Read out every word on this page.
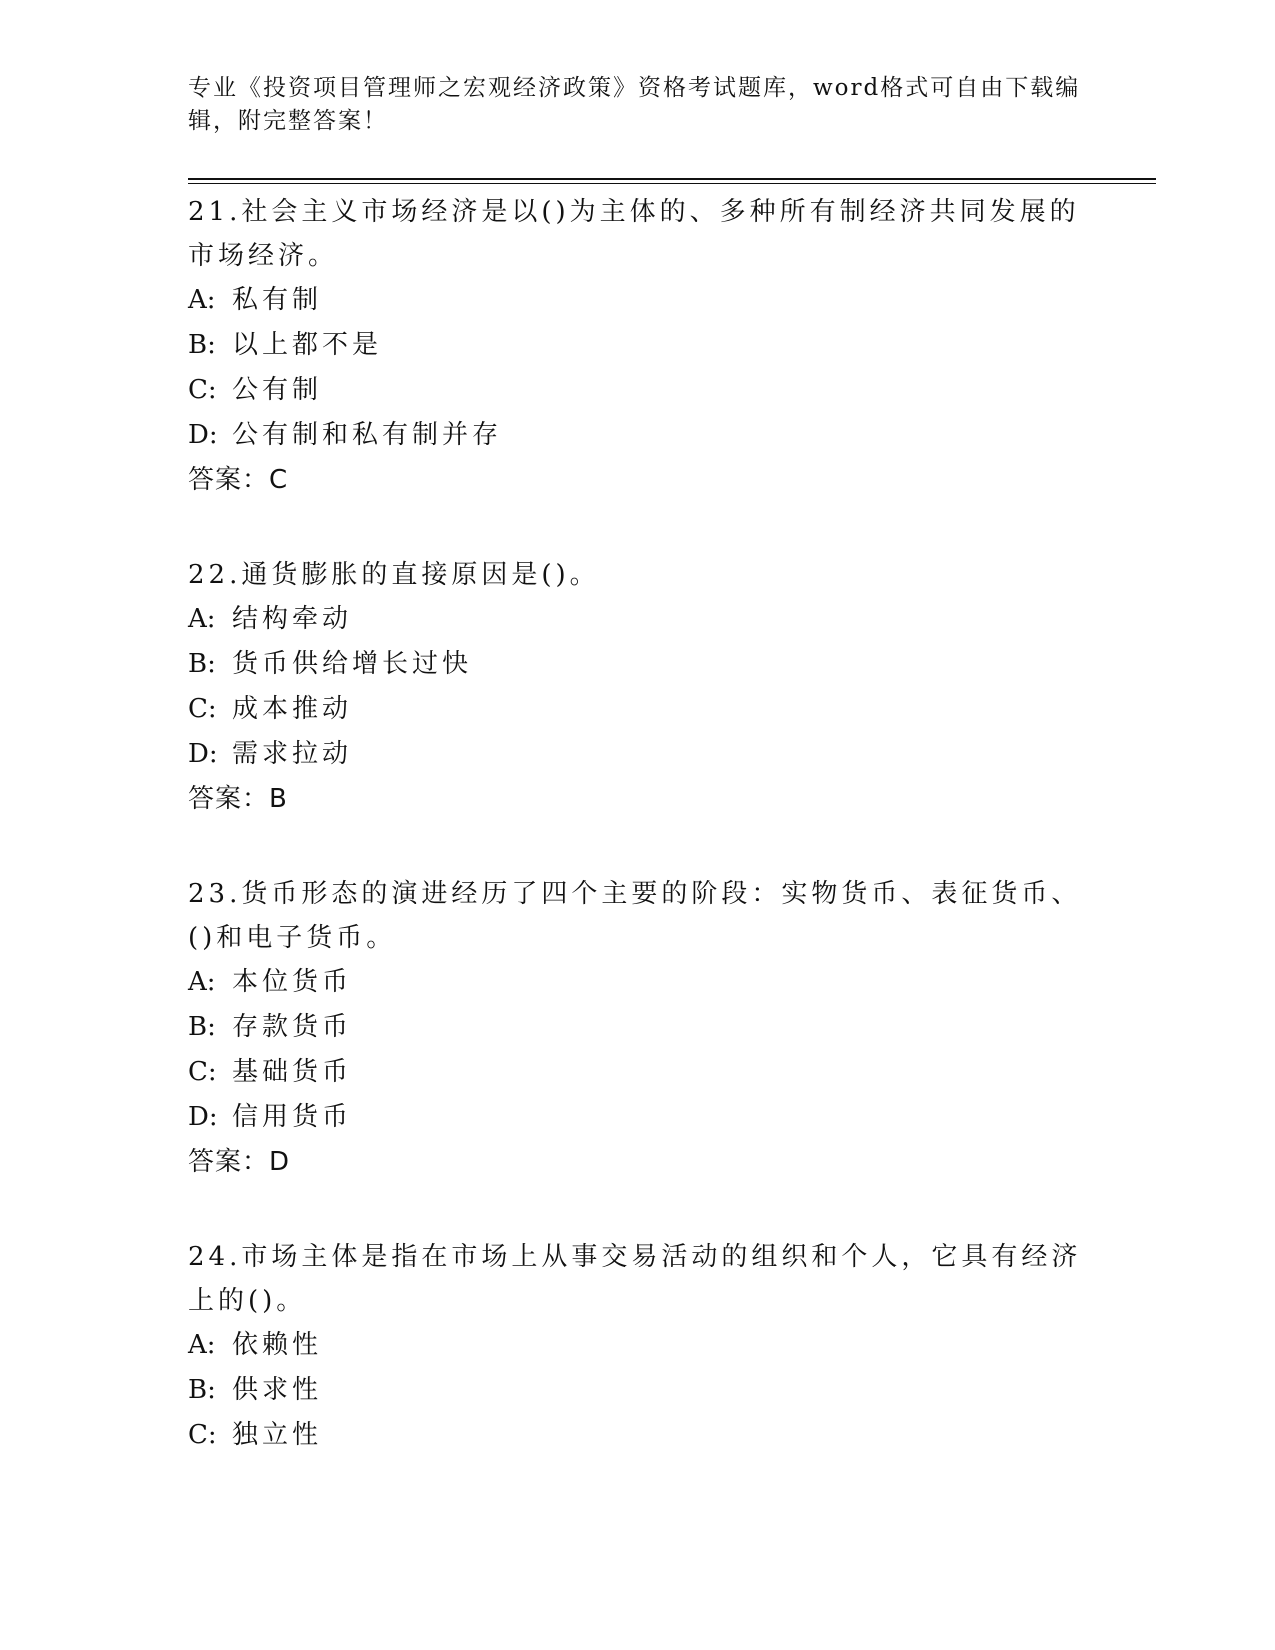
专业《投资项目管理师之宏观经济政策》资格考试题库，word格式可自由下载编
辑，附完整答案！

21.社会主义市场经济是以()为主体的、多种所有制经济共同发展的市场经济。

A: 私有制
B: 以上都不是
C: 公有制
D: 公有制和私有制并存

答案：C

22.通货膨胀的直接原因是()。

A: 结构牵动
B: 货币供给增长过快
C: 成本推动
D: 需求拉动

答案：B

23.货币形态的演进经历了四个主要的阶段：实物货币、表征货币、()和电子货币。

A: 本位货币
B: 存款货币
C: 基础货币
D: 信用货币

答案：D

24.市场主体是指在市场上从事交易活动的组织和个人，它具有经济上的()。

A: 依赖性
B: 供求性
C: 独立性
